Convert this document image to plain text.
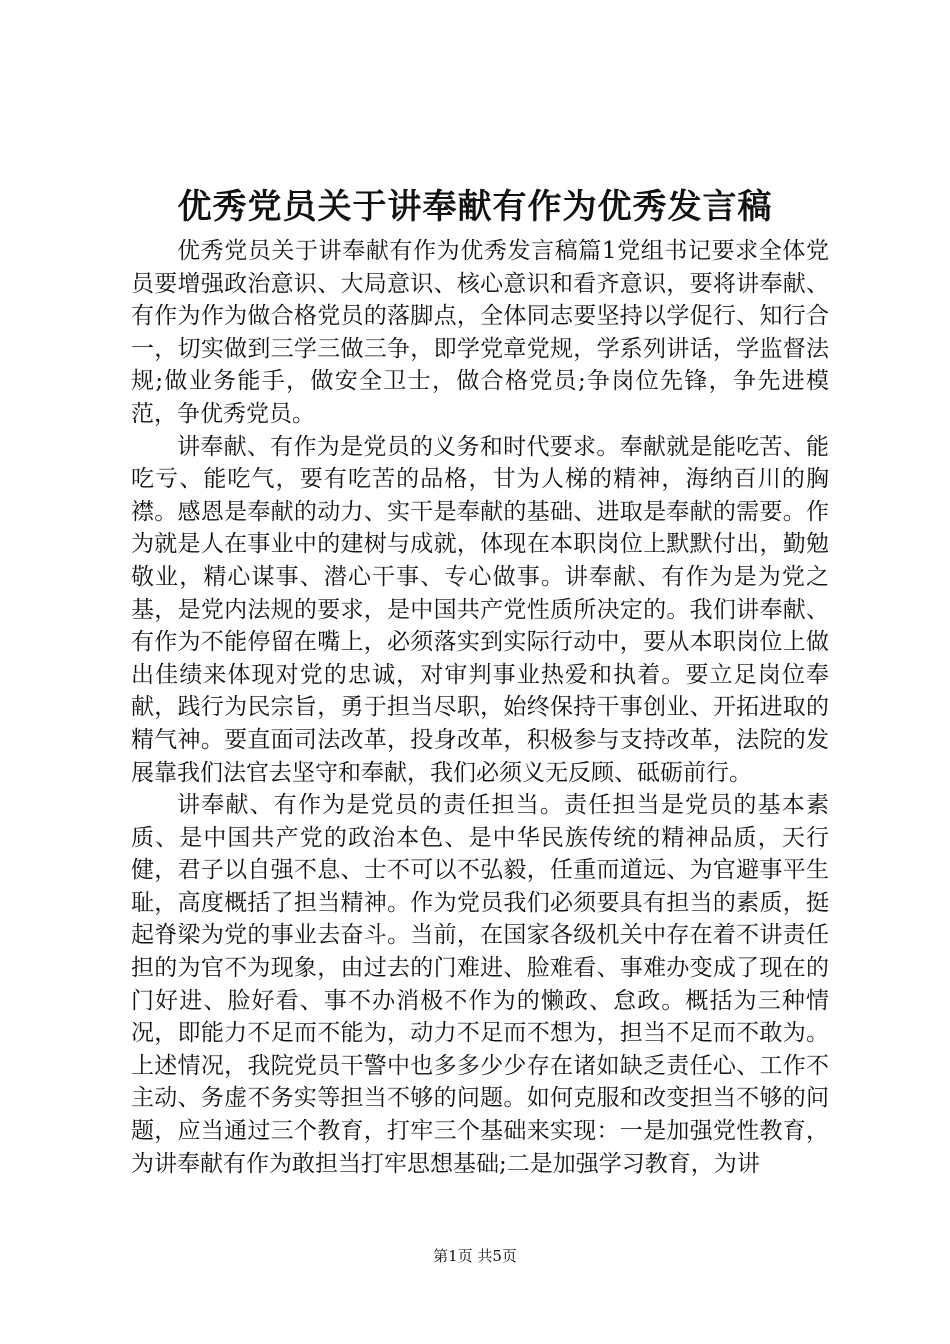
优秀党员关于讲奉献有作为优秀发言稿

优秀党员关于讲奉献有作为优秀发言稿篇1党组书记要求全体党员要增强政治意识、大局意识、核心意识和看齐意识，要将讲奉献、有作为作为做合格党员的落脚点，全体同志要坚持以学促行、知行合一，切实做到三学三做三争，即学党章党规，学系列讲话，学监督法规;做业务能手，做安全卫士，做合格党员;争岗位先锋，争先进模范，争优秀党员。

讲奉献、有作为是党员的义务和时代要求。奉献就是能吃苦、能吃亏、能吃气，要有吃苦的品格，甘为人梯的精神，海纳百川的胸襟。感恩是奉献的动力、实干是奉献的基础、进取是奉献的需要。作为就是人在事业中的建树与成就，体现在本职岗位上默默付出，勤勉敬业，精心谋事、潜心干事、专心做事。讲奉献、有作为是为党之基，是党内法规的要求，是中国共产党性质所决定的。我们讲奉献、有作为不能停留在嘴上，必须落实到实际行动中，要从本职岗位上做出佳绩来体现对党的忠诚，对审判事业热爱和执着。要立足岗位奉献，践行为民宗旨，勇于担当尽职，始终保持干事创业、开拓进取的精气神。要直面司法改革，投身改革，积极参与支持改革，法院的发展靠我们法官去坚守和奉献，我们必须义无反顾、砥砺前行。

讲奉献、有作为是党员的责任担当。责任担当是党员的基本素质、是中国共产党的政治本色、是中华民族传统的精神品质，天行健，君子以自强不息、士不可以不弘毅，任重而道远、为官避事平生耻，高度概括了担当精神。作为党员我们必须要具有担当的素质，挺起脊梁为党的事业去奋斗。当前，在国家各级机关中存在着不讲责任担的为官不为现象，由过去的门难进、脸难看、事难办变成了现在的门好进、脸好看、事不办消极不作为的懒政、怠政。概括为三种情况，即能力不足而不能为，动力不足而不想为，担当不足而不敢为。上述情况，我院党员干警中也多多少少存在诸如缺乏责任心、工作不主动、务虚不务实等担当不够的问题。如何克服和改变担当不够的问题，应当通过三个教育，打牢三个基础来实现：一是加强党性教育，为讲奉献有作为敢担当打牢思想基础;二是加强学习教育，为讲

第1页 共5页
